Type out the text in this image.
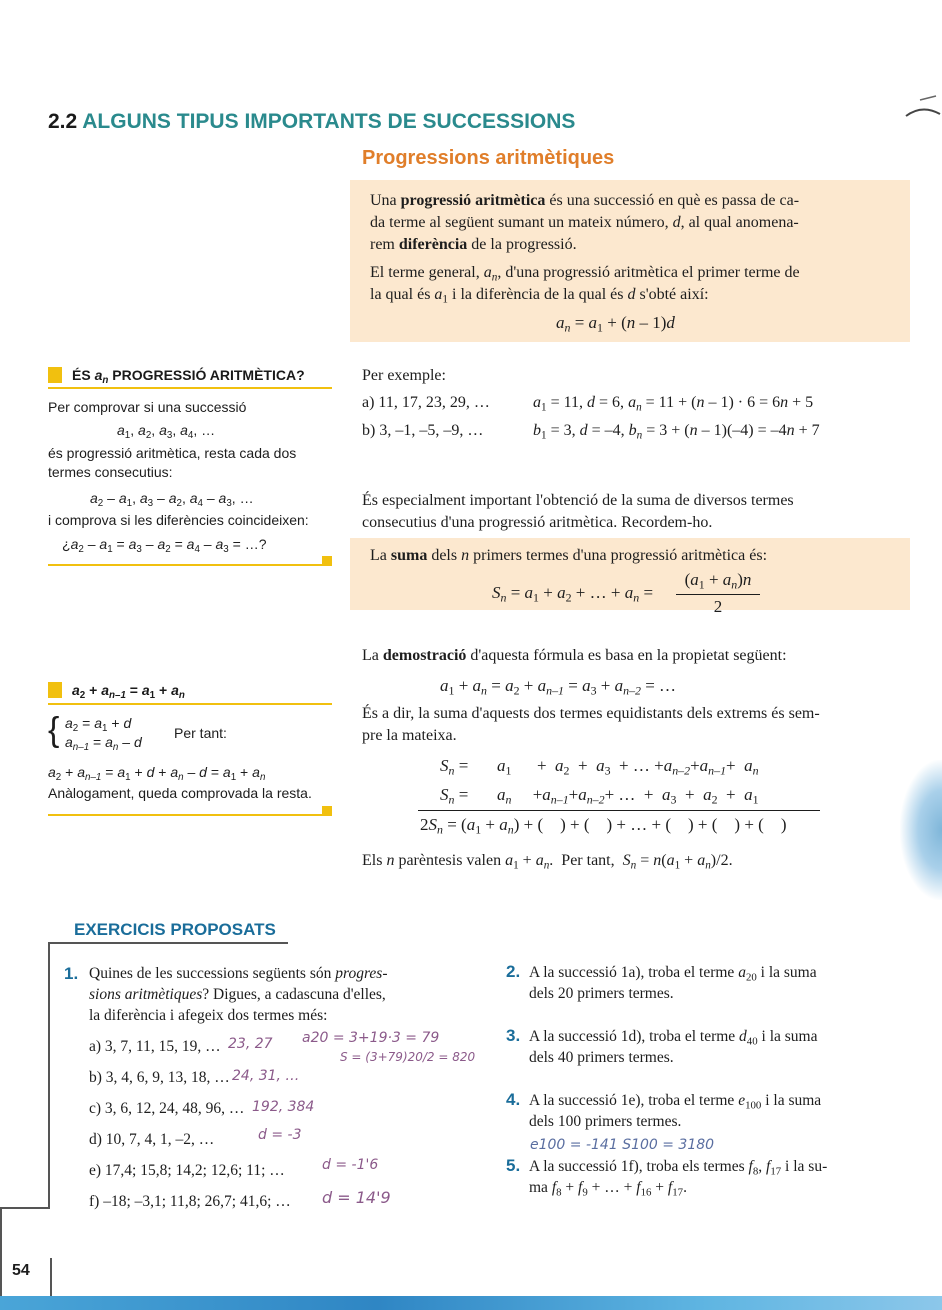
2.2 ALGUNS TIPUS IMPORTANTS DE SUCCESSIONS
Progressions aritmètiques
Una progressió aritmètica és una successió en què es passa de ca-
da terme al següent sumant un mateix número, d, al qual anomena-
rem diferència de la progressió.
El terme general, $a_n$, d'una progressió aritmètica el primer terme de
la qual és $a_1$ i la diferència de la qual és d s'obté així:
$a_n = a_1 + (n - 1)d$
ÉS $a_n$ PROGRESSIÓ ARITMÈTICA?
Per comprovar si una successió
$a_1$, $a_2$, $a_3$, $a_4$, …
és progressió aritmètica, resta cada dos
termes consecutius:
$a_2 - a_1$, $a_3 - a_2$, $a_4 - a_3$, …
i comprova si les diferències coincideixen:
¿$a_2 - a_1 = a_3 - a_2 = a_4 - a_3$ = …?
$a_2 + a_{n-1} = a_1 + a_n$
{ $a_2 = a_1 + d$
$a_{n-1} = a_n - d$
Per tant:
$a_2 + a_{n-1} = a_1 + d + a_n - d = a_1 + a_n$
Anàlogament, queda comprovada la resta.
Per exemple:
a) 11, 17, 23, 29, …	$a_1 = 11$, d = 6, $a_n = 11 + (n - 1) \cdot 6 = 6n + 5$
b) 3, –1, –5, –9, …	$b_1 = 3$, d = –4, $b_n = 3 + (n - 1)(-4) = -4n + 7$
És especialment important l'obtenció de la suma de diversos termes
consecutius d'una progressió aritmètica. Recordem-ho.
La suma dels n primers termes d'una progressió aritmètica és:
$S_n = a_1 + a_2$ + … + $a_n$ =
$(a_1 + a_n)n$
2
La demostració d'aquesta fórmula es basa en la propietat següent:
$a_1 + a_n = a_2 + a_{n-1} = a_3 + a_{n-2}$ = …
És a dir, la suma d'aquests dos termes equidistants dels extrems és sem-
pre la mateixa.
$S_n = a_1$      +  $a_2 + a_3$  + … $+a_{n-2}+a_{n-1}+ a_n$
$S_n = a_n$     $+a_{n-1}+a_{n-2}+$ …  +  $a_3 + a_2 + a_1$
$2S_n = (a_1 + a_n)$ + (    ) + (    ) + … + (    ) + (    ) + (    )
Els n parèntesis valen $a_1 + a_n$.  Per tant,  $S_n = n(a_1 + a_n)/2$.
EXERCICIS PROPOSATS
1. Quines de les successions següents són progres-
sions aritmètiques? Digues, a cadascuna d'elles,
la diferència i afegeix dos termes més:
a) 3, 7, 11, 15, 19, …
b) 3, 4, 6, 9, 13, 18, …
c) 3, 6, 12, 24, 48, 96, …
d) 10, 7, 4, 1, –2, …
e) 17,4; 15,8; 14,2; 12,6; 11; …
f) –18; –3,1; 11,8; 26,7; 41,6; …
23, 27 a20 = 3+19·3 = 79
S = (3+79)20/2 = 820
24, 31, …
192, 384
d = -3
d = -1'6
d = 14'9
e100 = -141 S100 = 3180
2. A la successió 1a), troba el terme $a_{20}$ i la suma
dels 20 primers termes.
3. A la successió 1d), troba el terme $d_{40}$ i la suma
dels 40 primers termes.
4. A la successió 1e), troba el terme $e_{100}$ i la suma
dels 100 primers termes.
5. A la successió 1f), troba els termes $f_8$, $f_{17}$ i la su-
ma $f_8 + f_9$ + … + $f_{16} + f_{17}$.
54
